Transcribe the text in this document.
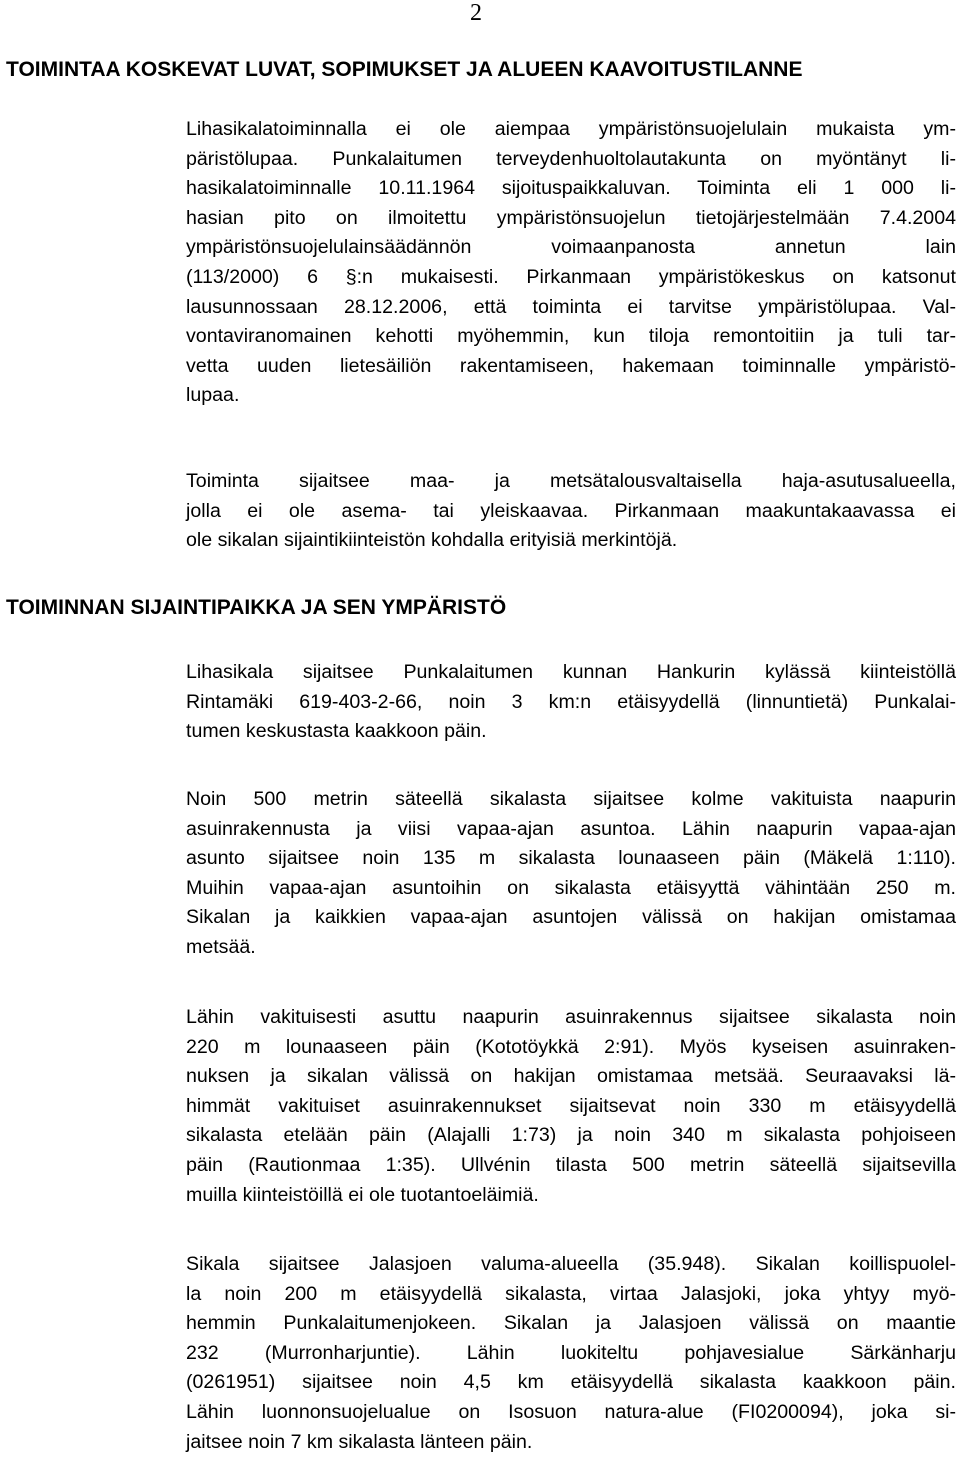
2
TOIMINTAA KOSKEVAT LUVAT, SOPIMUKSET JA ALUEEN KAAVOITUSTILANNE
Lihasikalatoiminnalla ei ole aiempaa ympäristönsuojelulain mukaista ym-
päristölupaa. Punkalaitumen terveydenhuoltolautakunta on myöntänyt li-
hasikalatoiminnalle 10.11.1964 sijoituspaikkaluvan. Toiminta eli 1 000 li-
hasian pito on ilmoitettu ympäristönsuojelun tietojärjestelmään 7.4.2004
ympäristönsuojelulainsäädännön voimaanpanosta annetun lain
(113/2000) 6 §:n mukaisesti. Pirkanmaan ympäristökeskus on katsonut
lausunnossaan 28.12.2006, että toiminta ei tarvitse ympäristölupaa. Val-
vontaviranomainen kehotti myöhemmin, kun tiloja remontoitiin ja tuli tar-
vetta uuden lietesäiliön rakentamiseen, hakemaan toiminnalle ympäristö-
lupaa.
Toiminta sijaitsee maa- ja metsätalousvaltaisella haja-asutusalueella,
jolla ei ole asema- tai yleiskaavaa. Pirkanmaan maakuntakaavassa ei
ole sikalan sijaintikiinteistön kohdalla erityisiä merkintöjä.
TOIMINNAN SIJAINTIPAIKKA JA SEN YMPÄRISTÖ
Lihasikala sijaitsee Punkalaitumen kunnan Hankurin kylässä kiinteistöllä
Rintamäki 619-403-2-66, noin 3 km:n etäisyydellä (linnuntietä) Punkalai-
tumen keskustasta kaakkoon päin.
Noin 500 metrin säteellä sikalasta sijaitsee kolme vakituista naapurin
asuinrakennusta ja viisi vapaa-ajan asuntoa. Lähin naapurin vapaa-ajan
asunto sijaitsee noin 135 m sikalasta lounaaseen päin (Mäkelä 1:110).
Muihin vapaa-ajan asuntoihin on sikalasta etäisyyttä vähintään 250 m.
Sikalan ja kaikkien vapaa-ajan asuntojen välissä on hakijan omistamaa
metsää.
Lähin vakituisesti asuttu naapurin asuinrakennus sijaitsee sikalasta noin
220 m lounaaseen päin (Kototöykkä 2:91). Myös kyseisen asuinraken-
nuksen ja sikalan välissä on hakijan omistamaa metsää. Seuraavaksi lä-
himmät vakituiset asuinrakennukset sijaitsevat noin 330 m etäisyydellä
sikalasta etelään päin (Alajalli 1:73) ja noin 340 m sikalasta pohjoiseen
päin (Rautionmaa 1:35). Ullvénin tilasta 500 metrin säteellä sijaitsevilla
muilla kiinteistöillä ei ole tuotantoeläimiä.
Sikala sijaitsee Jalasjoen valuma-alueella (35.948). Sikalan koillispuolel-
la noin 200 m etäisyydellä sikalasta, virtaa Jalasjoki, joka yhtyy myö-
hemmin Punkalaitumenjokeen. Sikalan ja Jalasjoen välissä on maantie
232 (Murronharjuntie). Lähin luokiteltu pohjavesialue Särkänharju
(0261951) sijaitsee noin 4,5 km etäisyydellä sikalasta kaakkoon päin.
Lähin luonnonsuojelualue on Isosuon natura-alue (FI0200094), joka si-
jaitsee noin 7 km sikalasta länteen päin.
